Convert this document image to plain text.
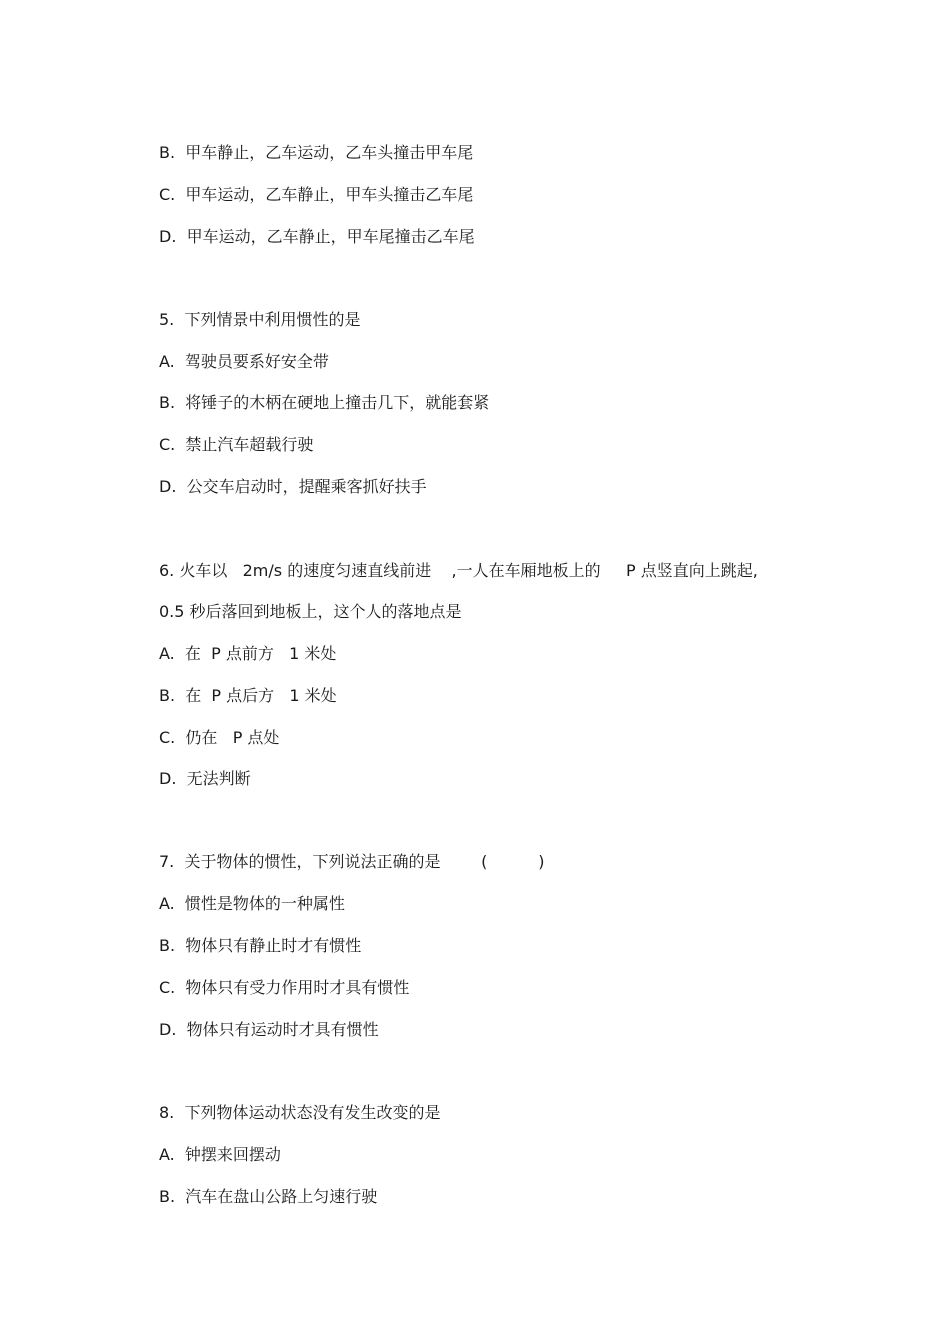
B.  甲车静止，乙车运动，乙车头撞击甲车尾

C.  甲车运动，乙车静止，甲车头撞击乙车尾

D.  甲车运动，乙车静止，甲车尾撞击乙车尾

5.  下列情景中利用惯性的是

A.  驾驶员要系好安全带

B.  将锤子的木柄在硬地上撞击几下，就能套紧

C.  禁止汽车超载行驶

D.  公交车启动时，提醒乘客抓好扶手

6. 火车以   2m/s 的速度匀速直线前进    ,一人在车厢地板上的     P 点竖直向上跳起,

0.5 秒后落回到地板上，这个人的落地点是

A.  在  P 点前方   1 米处

B.  在  P 点后方   1 米处

C.  仍在   P 点处

D.  无法判断

7.  关于物体的惯性，下列说法正确的是        (          )

A.  惯性是物体的一种属性

B.  物体只有静止时才有惯性

C.  物体只有受力作用时才具有惯性

D.  物体只有运动时才具有惯性

8.  下列物体运动状态没有发生改变的是

A.  钟摆来回摆动

B.  汽车在盘山公路上匀速行驶
